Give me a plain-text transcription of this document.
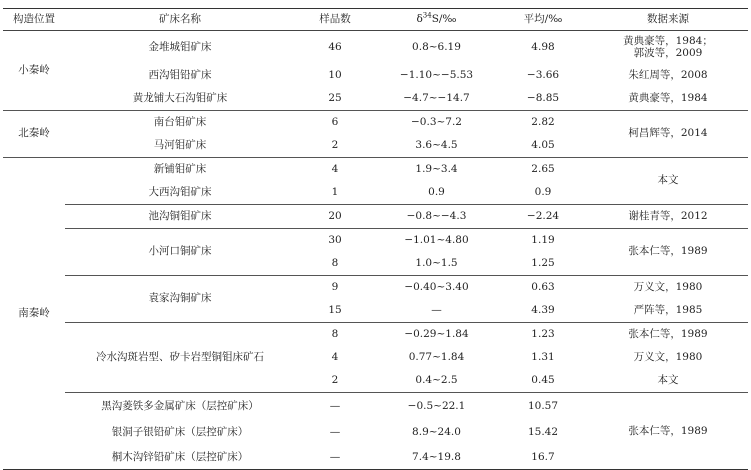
构造位置	矿床名称	样品数	$\delta^{34}S/‰$	平均/‰	数据来源
小秦岭	金堆城钼矿床	46	0.8~6.19	4.98	黄典豪等，1984；
郭波等，2009
	西沟钼铅矿床	10	−1.10~−5.53	−3.66	朱红周等，2008
	黄龙铺大石沟钼矿床	25	−4.7~−14.7	−8.85	黄典豪等，1984
北秦岭	南台钼矿床	6	−0.3~7.2	2.82	柯昌辉等，2014
	马河钼矿床	2	3.6~4.5	4.05	
南秦岭	新铺钼矿床	4	1.9~3.4	2.65	本文
	大西沟钼矿床	1	0.9	0.9	
	池沟铜钼矿床	20	−0.8~−4.3	−2.24	谢桂青等，2012
	小河口铜矿床	30	−1.01~4.80	1.19	张本仁等，1989
		8	1.0~1.5	1.25	
	袁家沟铜矿床	9	−0.40~3.40	0.63	万义文，1980
		15	—	4.39	严阵等，1985
	冷水沟斑岩型、矽卡岩型铜钼床矿石	8	−0.29~1.84	1.23	张本仁等，1989
		4	0.77~1.84	1.31	万义文，1980
		2	0.4~2.5	0.45	本文
	黑沟菱铁多金属矿床（层控矿床）	—	−0.5~22.1	10.57	张本仁等，1989
	银洞子银铅矿床（层控矿床）	—	8.9~24.0	15.42	
	桐木沟锌铅矿床（层控矿床）	—	7.4~19.8	16.7	
